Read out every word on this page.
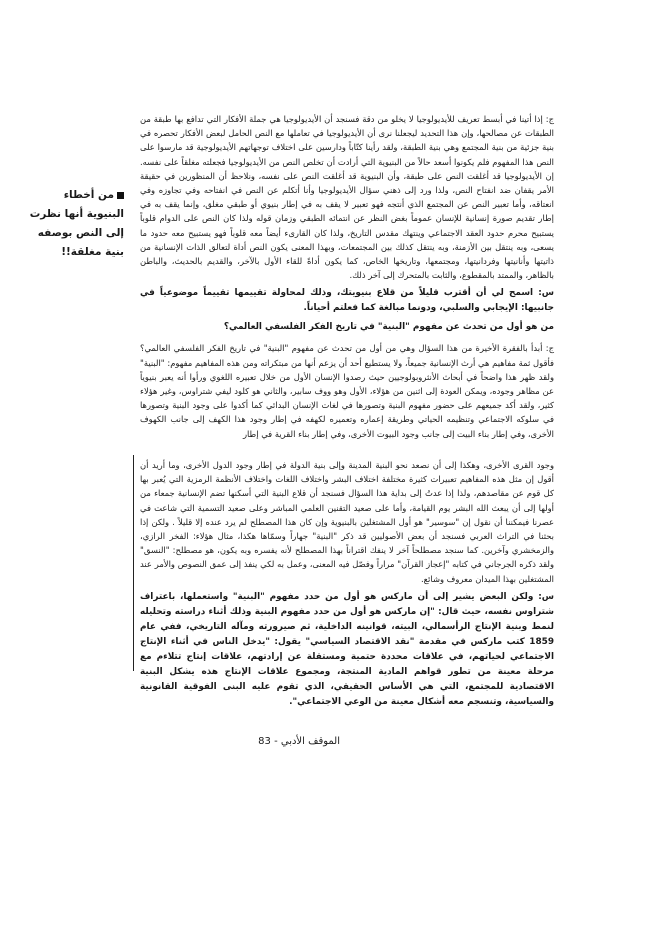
من أخطاء
البنيوية أنها نظرت
إلى النص بوصفه
بنية مغلقة!!

ج: إذا أتينا في أبسط تعريف للأيديولوجيا لا يخلو من دقة فسنجد أن الأيديولوجيا هي جملة الأفكار التي تدافع بها طبقة من الطبقات عن مصالحها، وإن هذا التحديد ليجعلنا نرى أن الأيديولوجيا في تعاملها مع النص الحامل لبعض الأفكار تحصره في بنية جزئية من بنية المجتمع وهي بنية الطبقة، ولقد رأينا كتّاباً ودارسين على اختلاف توجهاتهم الأيديولوجية قد مارسوا على النص هذا المفهوم فلم يكونوا أسعد حالاً من البنيوية التي أرادت أن تخلص النص من الأيديولوجيا فجعلته مغلقاً على نفسه. إن الأيديولوجيا قد أغلقت النص على طبقة، وأن البنيوية قد أغلقت النص على نفسه، ونلاحظ أن المنظورين في حقيقة الأمر يقفان ضد انفتاح النص، ولذا ورد إلى ذهني سؤال الأيديولوجيا وأنا أتكلم عن النص في انفتاحه وفي تجاوزه وفي انعتاقه، وأما تعبير النص عن المجتمع الذي أنتجه فهو تعبير لا يقف به في إطار بنيوي أو طبقي مغلق، وإنما يقف به في إطار تقديم صورة إنسانية للإنسان عموماً بغض النظر عن انتمائه الطبقي وزمان قوله ولذا كان النص على الدوام قلوباً يستبيح محرم حدود العقد الاجتماعي وينتهك مقدس التاريخ، ولذا كان القارىء أيضاً معه قلوباً فهو يستبيح معه حدود ما يسعى، وبه ينتقل بين الأزمنة، وبه ينتقل كذلك بين المجتمعات، وبهذا المعنى يكون النص أداة لتعالق الذات الإنسانية من ذاتيتها وأنانيتها وفردانيتها، ومجتمعها، وتاريخها الخاص، كما يكون أداةً للقاء الأول بالآخر، والقديم بالحديث، والباطن بالظاهر، والممتد بالمقطوع، والثابت بالمتحرك إلى آخر ذلك.

س: اسمح لي أن أقترب قليلاً من قلاع بنيويتك، وذلك لمحاولة تقييمها تقييماً موضوعياً في جانبيها: الإيجابي والسلبي، ودونما مبالغة كما فعلتم أحياناً.

من هو أول من تحدث عن مفهوم "البنية" في تاريخ الفكر الفلسفي العالمي؟

ج: أبدأ بالفقرة الأخيرة من هذا السؤال وهي من أول من تحدث عن مفهوم "البنية" في تاريخ الفكر الفلسفي العالمي؟ فأقول ثمة مفاهيم هي أرث الإنسانية جميعاً، ولا يستطيع أحد أن يزعم أنها من مبتكراته ومن هذه المفاهيم مفهوم: "البنية" ولقد ظهر هذا واضحاً في أبحاث الأنثروبولوجيين حيث رصدوا الإنسان الأول من خلال تعبيره اللغوي ورأوا أنه يعبر بنيوياً عن مظاهر وجوده، ويمكن العودة إلى اثنين من هؤلاء، الأول وهو ووف سابير، والثاني هو كلود ليفي شتراوس، وغير هؤلاء كثير، ولقد أكد جميعهم على حضور مفهوم البنية وتصورها في لغات الإنسان البدائي كما أكدوا على وجود البنية وتصورها في سلوكه الاجتماعي وتنظيمه الحياتي وطريقة إعماره وتعميره لكهفه في إطار وجود هذا الكهف إلى جانب الكهوف الأخرى، وفي إطار بناء البيت إلى جانب وجود البيوت الأخرى، وفي إطار بناء القرية في إطار

وجود القرى الأخرى، وهكذا إلى أن نصعد نحو البنية المدينة وإلى بنية الدولة في إطار وجود الدول الأخرى، وما أريد أن أقول إن مثل هذه المفاهيم تعبيرات كثيرة مختلفة اختلاف البشر واختلاف اللغات واختلاف الأنظمة الرمزية التي يُعبر بها كل قوم عن مقاصدهم، ولذا إذا عدتُ إلى بداية هذا السؤال فسنجد أن قلاع البنية التي أسكنها تضم الإنسانية جمعاء من أولها إلى أن يبعث الله البشر يوم القيامة، وأما على صعيد التقنين العلمي المباشر وعلى صعيد التسمية التي شاعت في عصرنا فيمكننا أن نقول إن "سوسير" هو أول المشتغلين بالبنيوية وإن كان هذا المصطلح لم يرد عنده إلا قليلاً . ولكن إذا بحثنا في التراث العربي فسنجد أن بعض الأصوليين قد ذكر "البنية" جهاراً وسمّاها هكذا، مثال هؤلاء: الفخر الرازي، والزمخشري وآخرين. كما سنجد مصطلحاً آخر لا ينفك اقتراناً بهذا المصطلح لأنه يفسره وبه يكون، هو مصطلح: "النسق" ولقد ذكره الجرجاني في كتابه "إعجاز القرآن" مراراً وفصّل فيه المعنى، وعمل به لكي ينفذ إلى عمق النصوص والأمر عند المشتغلين بهذا الميدان معروف وشائع.

س: ولكن البعض يشير إلى أن ماركس هو أول من حدد مفهوم "البنية" واستعملها، باعتراف شتراوس نفسه، حيث قال: "إن ماركس هو أول من حدد مفهوم البنية وذلك أثناء دراسته وتحليله لنمط وبنية الإنتاج الرأسمالي، البيته، قوانينه الداخلية، ثم صيرورته ومآله التاريخي، ففي عام 1859 كتب ماركس في مقدمة "نقد الاقتصاد السياسي" يقول: "يدخل الناس في أثناء الإنتاج الاجتماعي لحياتهم، في علاقات محددة حتمية ومستقلة عن إرادتهم، علاقات إنتاج تتلاءم مع مرحلة معينة من تطور قواهم المادية المنتجة، ومجموع علاقات الإنتاج هذه يشكل البنية الاقتصادية للمجتمع، التي هي الأساس الحقيقي، الذي تقوم عليه البنى الفوقية القانونية والسياسية، وتنسجم معه أشكال معينة من الوعي الاجتماعي".

الموقف الأدبي - 83
